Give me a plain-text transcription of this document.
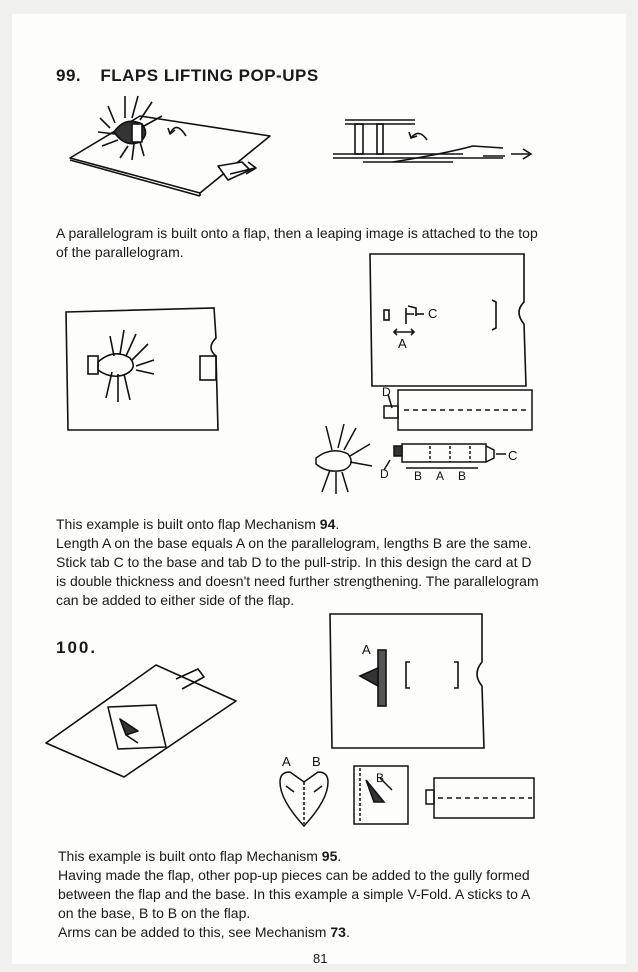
99. FLAPS LIFTING POP-UPS
A parallelogram is built onto a flap, then a leaping image is attached to the top
of the parallelogram.
C
A
D
C
D B A B
This example is built onto flap Mechanism 94.
Length A on the base equals A on the parallelogram, lengths B are the same.
Stick tab C to the base and tab D to the pull-strip. In this design the card at D
is double thickness and doesn't need further strengthening. The parallelogram
can be added to either side of the flap.
100.	A
A B
B
This example is built onto flap Mechanism 95.
Having made the flap, other pop-up pieces can be added to the gully formed
between the flap and the base. In this example a simple V-Fold. A sticks to A
on the base, B to B on the flap.
Arms can be added to this, see Mechanism 73.
81
